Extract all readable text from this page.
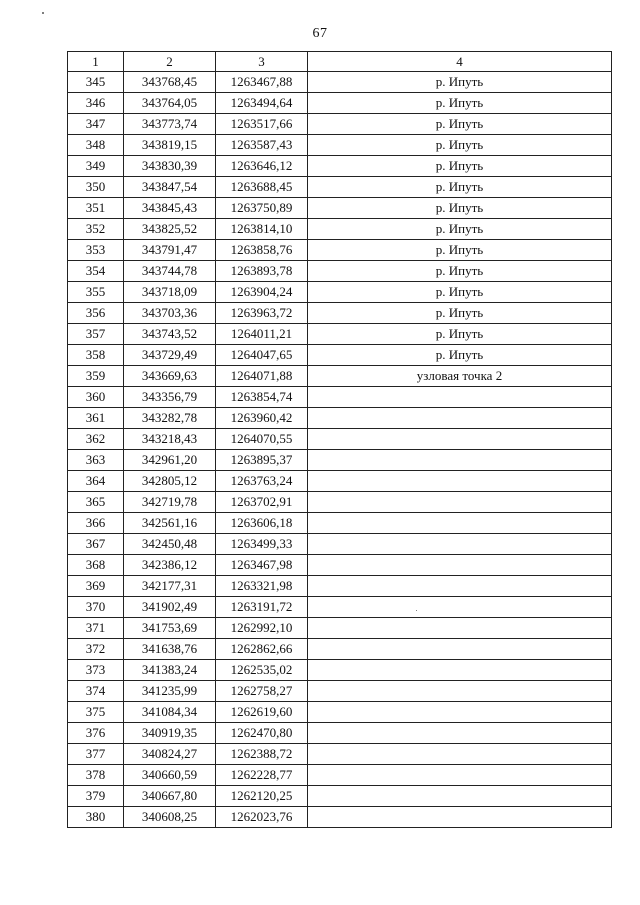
67
1	2	3	4
345	343768,45	1263467,88	р. Ипуть
346	343764,05	1263494,64	р. Ипуть
347	343773,74	1263517,66	р. Ипуть
348	343819,15	1263587,43	р. Ипуть
349	343830,39	1263646,12	р. Ипуть
350	343847,54	1263688,45	р. Ипуть
351	343845,43	1263750,89	р. Ипуть
352	343825,52	1263814,10	р. Ипуть
353	343791,47	1263858,76	р. Ипуть
354	343744,78	1263893,78	р. Ипуть
355	343718,09	1263904,24	р. Ипуть
356	343703,36	1263963,72	р. Ипуть
357	343743,52	1264011,21	р. Ипуть
358	343729,49	1264047,65	р. Ипуть
359	343669,63	1264071,88	узловая точка 2
360	343356,79	1263854,74	
361	343282,78	1263960,42	
362	343218,43	1264070,55	
363	342961,20	1263895,37	
364	342805,12	1263763,24	
365	342719,78	1263702,91	
366	342561,16	1263606,18	
367	342450,48	1263499,33	
368	342386,12	1263467,98	
369	342177,31	1263321,98	
370	341902,49	1263191,72	
371	341753,69	1262992,10	
372	341638,76	1262862,66	
373	341383,24	1262535,02	
374	341235,99	1262758,27	
375	341084,34	1262619,60	
376	340919,35	1262470,80	
377	340824,27	1262388,72	
378	340660,59	1262228,77	
379	340667,80	1262120,25	
380	340608,25	1262023,76	
